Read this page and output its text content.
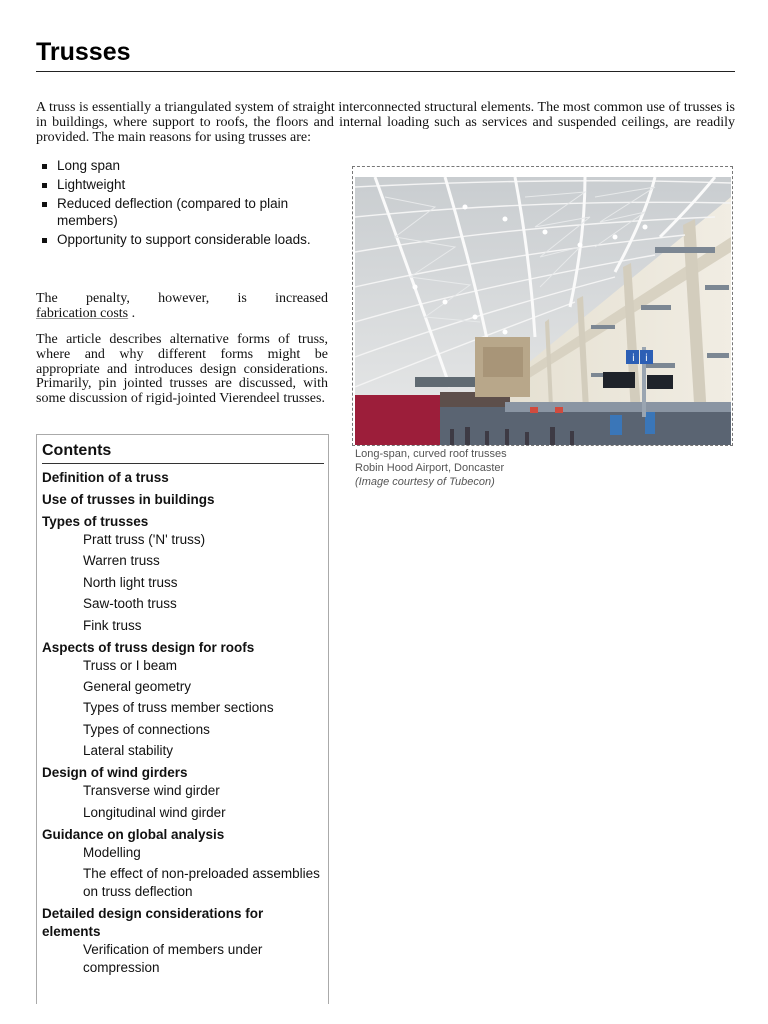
Trusses

A truss is essentially a triangulated system of straight interconnected structural elements. The most common use of trusses is in buildings, where support to roofs, the floors and internal loading such as services and suspended ceilings, are readily provided. The main reasons for using trusses are:

Long span
Lightweight
Reduced deflection (compared to plain members)
Opportunity to support considerable loads.
The penalty, however, is increased
fabrication costs .

The article describes alternative forms of truss, where and why different forms might be appropriate and introduces design considerations. Primarily, pin jointed trusses are discussed, with some discussion of rigid-jointed Vierendeel trusses.

i i
Long-span, curved roof trusses
Robin Hood Airport, Doncaster
(Image courtesy of Tubecon)
Contents
Definition of a truss
Use of trusses in buildings
Types of trusses
Pratt truss ('N' truss)
Warren truss
North light truss
Saw-tooth truss
Fink truss
Aspects of truss design for roofs
Truss or I beam
General geometry
Types of truss member sections
Types of connections
Lateral stability
Design of wind girders
Transverse wind girder
Longitudinal wind girder
Guidance on global analysis
Modelling
The effect of non-preloaded assemblies on truss deflection
Detailed design considerations for elements
Verification of members under compression
